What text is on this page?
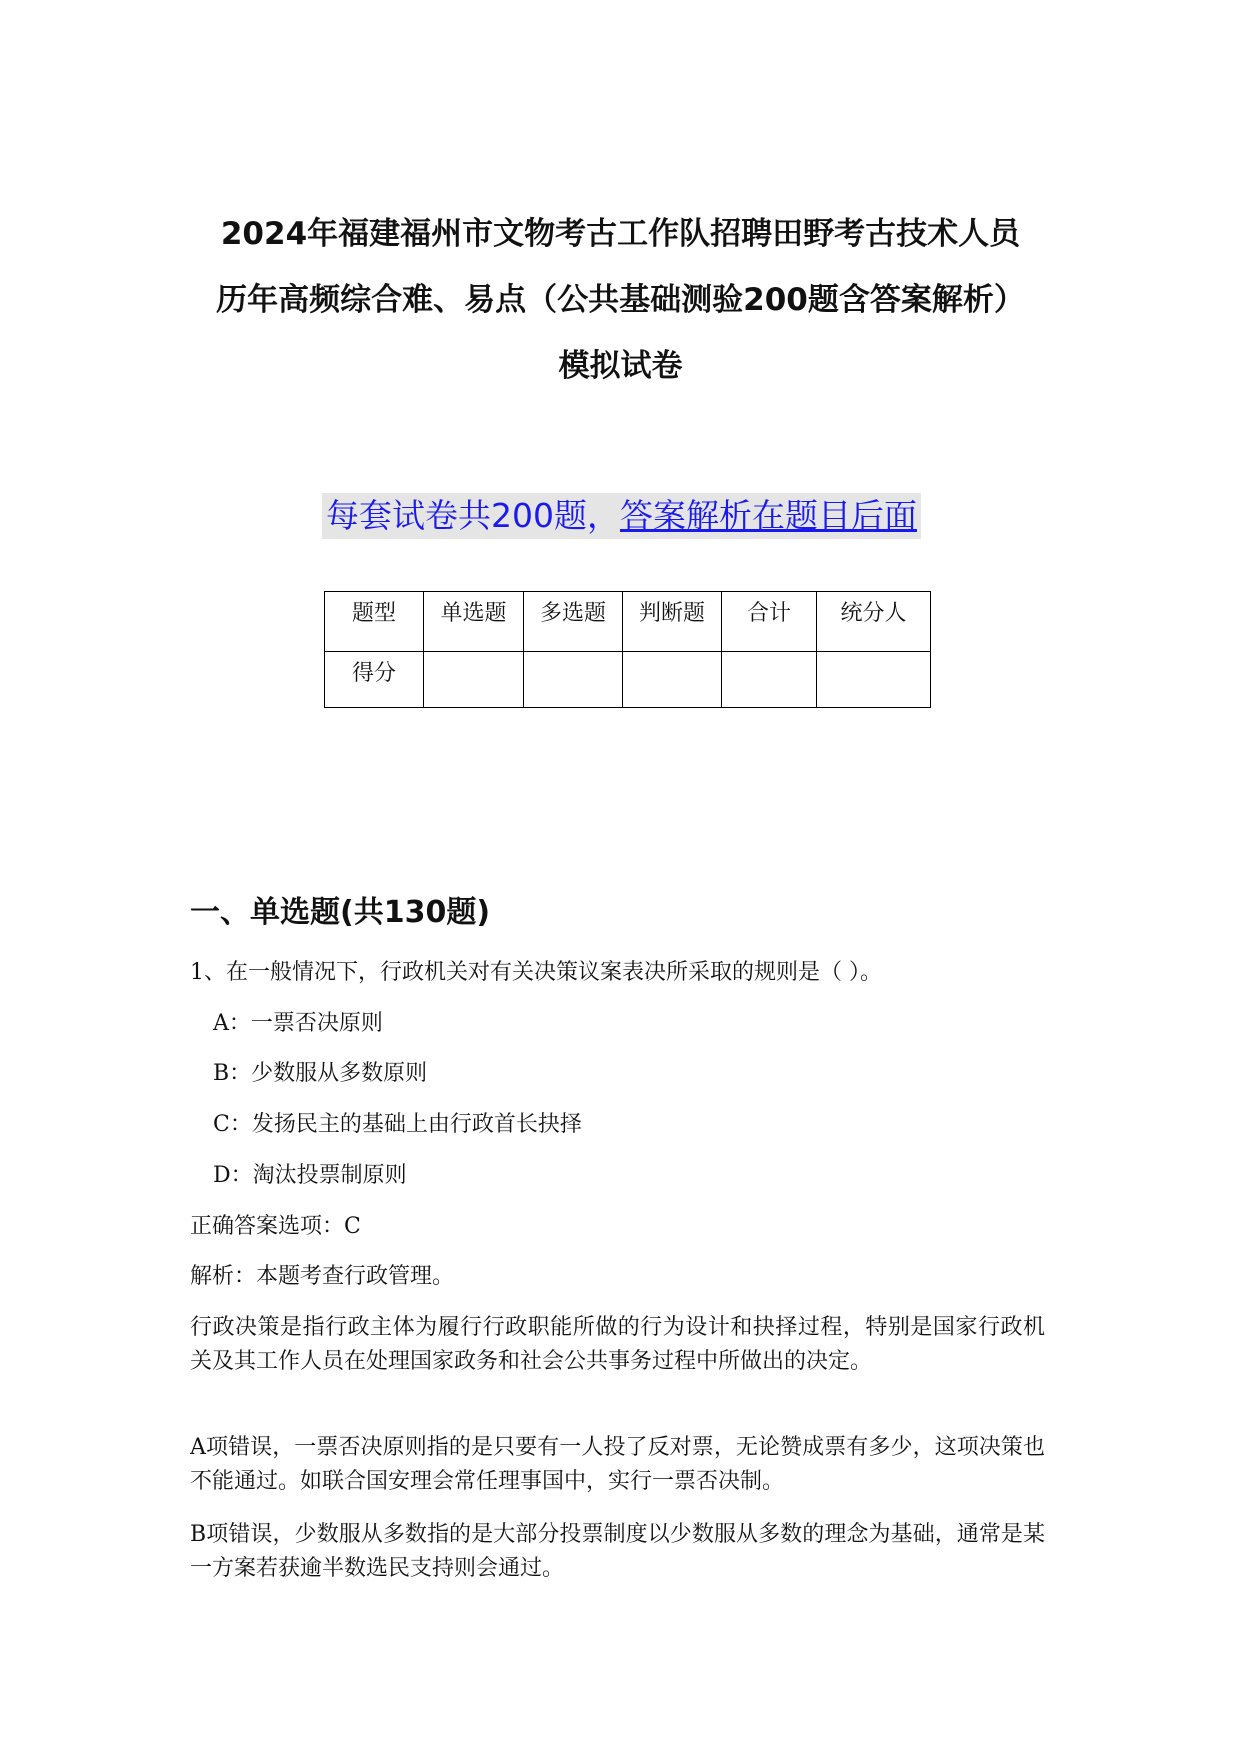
2024年福建福州市文物考古工作队招聘田野考古技术人员
历年高频综合难、易点（公共基础测验200题含答案解析）
模拟试卷
每套试卷共200题，答案解析在题目后面
题型	单选题	多选题	判断题	合计	统分人
得分					
一、单选题(共130题)
1、在一般情况下，行政机关对有关决策议案表决所采取的规则是（ ）。
A：一票否决原则
B：少数服从多数原则
C：发扬民主的基础上由行政首长抉择
D：淘汰投票制原则
正确答案选项：C
解析：本题考查行政管理。
行政决策是指行政主体为履行行政职能所做的行为设计和抉择过程，特别是国家行政机关及其工作人员在处理国家政务和社会公共事务过程中所做出的决定。
A项错误，一票否决原则指的是只要有一人投了反对票，无论赞成票有多少，这项决策也不能通过。如联合国安理会常任理事国中，实行一票否决制。
B项错误，少数服从多数指的是大部分投票制度以少数服从多数的理念为基础，通常是某一方案若获逾半数选民支持则会通过。
